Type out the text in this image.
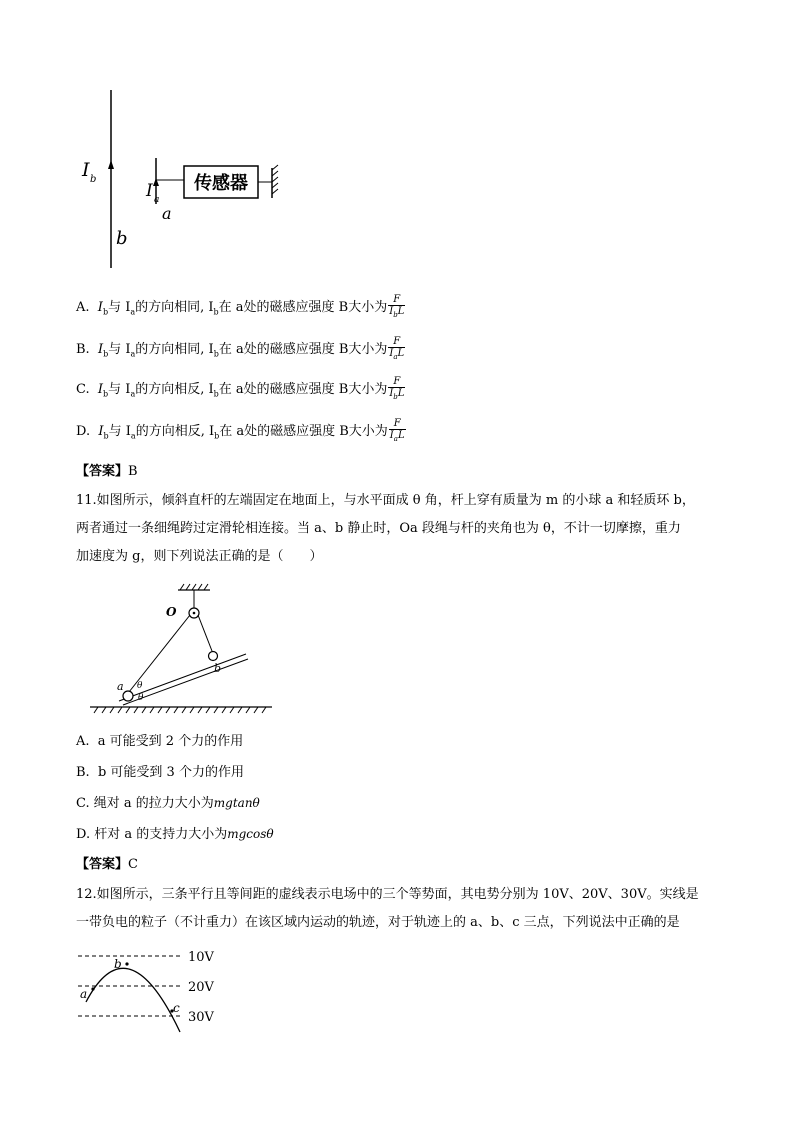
I b
b
I a
a
传感器
A. $I_b$与 $I_a$的方向相同, $I_b$在 a处的磁感应强度 B大小为 $\frac{F}{I_bL}$
B. $I_b$与 $I_a$的方向相同, $I_b$在 a处的磁感应强度 B大小为 $\frac{F}{I_aL}$
C. $I_b$与 $I_a$的方向相反, $I_b$在 a处的磁感应强度 B大小为 $\frac{F}{I_bL}$
D. $I_b$与 $I_a$的方向相反, $I_b$在 a处的磁感应强度 B大小为 $\frac{F}{I_aL}$
【答案】B
11.如图所示，倾斜直杆的左端固定在地面上，与水平面成 θ 角，杆上穿有质量为 m 的小球 a 和轻质环 b，
两者通过一条细绳跨过定滑轮相连接。当 a、b 静止时，Oa 段绳与杆的夹角也为 θ，不计一切摩擦，重力
加速度为 g，则下列说法正确的是（　　）
O
a
b
θ
θ
A. a 可能受到 2 个力的作用
B. b 可能受到 3 个力的作用
C. 绳对 a 的拉力大小为mgtanθ
D. 杆对 a 的支持力大小为mgcosθ
【答案】C
12.如图所示，三条平行且等间距的虚线表示电场中的三个等势面，其电势分别为 10V、20V、30V。实线是
一带负电的粒子（不计重力）在该区域内运动的轨迹，对于轨迹上的 a、b、c 三点，下列说法中正确的是
10V
20V
30V
a
b
c
